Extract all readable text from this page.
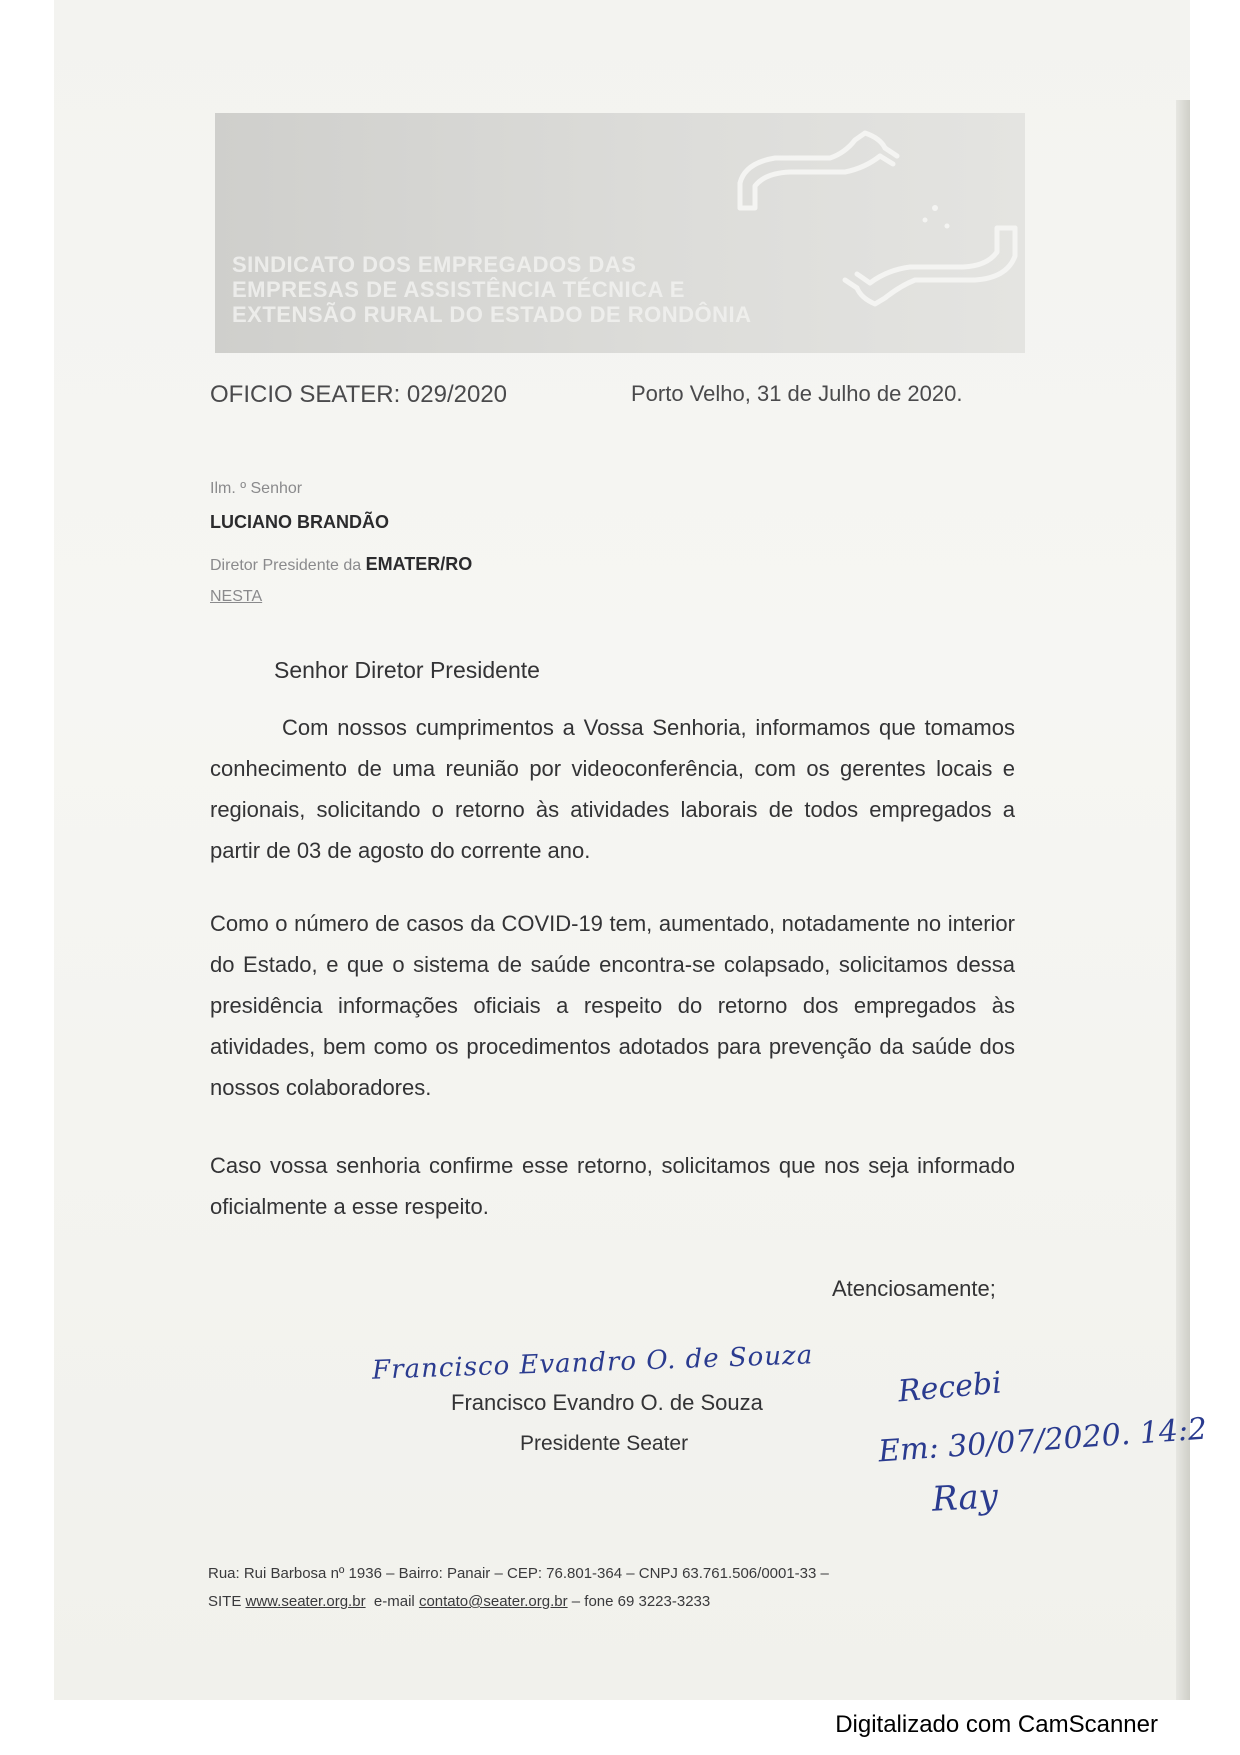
SINDICATO DOS EMPREGADOS DAS EMPRESAS DE ASSISTÊNCIA TÉCNICA E EXTENSÃO RURAL DO ESTADO DE RONDÔNIA
OFICIO SEATER: 029/2020	Porto Velho, 31 de Julho de 2020.
Ilm. º Senhor
LUCIANO BRANDÃO
Diretor Presidente da EMATER/RO
NESTA
Senhor Diretor Presidente
Com nossos cumprimentos a Vossa Senhoria, informamos que tomamos conhecimento de uma reunião por videoconferência, com os gerentes locais e regionais, solicitando o retorno às atividades laborais de todos empregados a partir de 03 de agosto do corrente ano.
Como o número de casos da COVID-19 tem, aumentado, notadamente no interior do Estado, e que o sistema de saúde encontra-se colapsado, solicitamos dessa presidência informações oficiais a respeito do retorno dos empregados às atividades, bem como os procedimentos adotados para prevenção da saúde dos nossos colaboradores.
Caso vossa senhoria confirme esse retorno, solicitamos que nos seja informado oficialmente a esse respeito.
Atenciosamente;
Francisco Evandro O. de Souza
Francisco Evandro O. de Souza
Presidente Seater
Recebi
Em: 30/07/2020. 14:2
Ray
Rua: Rui Barbosa nº 1936 – Bairro: Panair – CEP: 76.801-364 – CNPJ 63.761.506/0001-33 –
SITE www.seater.org.br e-mail contato@seater.org.br – fone 69 3223-3233
Digitalizado com CamScanner
